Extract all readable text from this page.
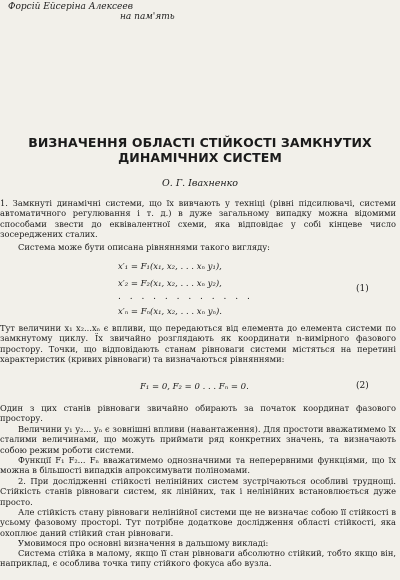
Форсій Ейсеріна Алексеев
на пам'ять
ВИЗНАЧЕННЯ ОБЛАСТІ СТІЙКОСТІ ЗАМКНУТИХ
ДИНАМІЧНИХ СИСТЕМ
О. Г. Івахненко

1. Замкнуті динамічні системи, що їх вивчають у техніці (рівні підсилювачі, системи автоматичного регулювання і т. д.) в дуже загальному випадку можна відомими способами звести до еквівалентної схеми, яка відповідає у собі кінцеве число зосереджених сталих.

Система може бути описана рівняннями такого вигляду:

x′₁ = F₁(x₁, x₂, . . . xₙ y₁),
x′₂ = F₂(x₁, x₂, . . . xₙ y₂),
. . . . . . . . . . . .
x′ₙ = Fₙ(x₁, x₂, . . . xₙ yₙ).
(1)

Тут величини x₁ x₂...xₙ є впливи, що передаються від елемента до елемента системи по замкнутому циклу. Їх звичайно розглядають як координати n-вимірного фазового простору. Точки, що відповідають станам рівноваги системи містяться на перетині характеристик (кривих рівноваги) та визначаються рівняннями:

F₁ = 0, F₂ = 0 . . . Fₙ = 0.	(2)

Один з цих станів рівноваги звичайно обирають за початок координат фазового простору.

Величини y₁ y₂... yₙ є зовнішні впливи (навантаження). Для простоти вважатимемо їх сталими величинами, що можуть приймати ряд конкретних значень, та визначають собою режим роботи системи.

Функції F₁ F₂... Fₙ вважатимемо однозначними та неперервними функціями, що їх можна в більшості випадків апроксимувати поліномами.

2. При дослідженні стійкості нелінійних систем зустрічаються особливі труднощі. Стійкість станів рівноваги систем, як лінійних, так і нелінійних встановлюється дуже просто.

Але стійкість стану рівноваги нелінійної системи ще не визначає собою її стійкості в усьому фазовому просторі. Тут потрібне додаткове дослідження області стійкості, яка охоплює даний стійкий стан рівноваги.

Умовимося про основні визначення в дальшому викладі:

Система стійка в малому, якщо її стан рівноваги абсолютно стійкий, тобто якщо він, наприклад, є особлива точка типу стійкого фокуса або вузла.
